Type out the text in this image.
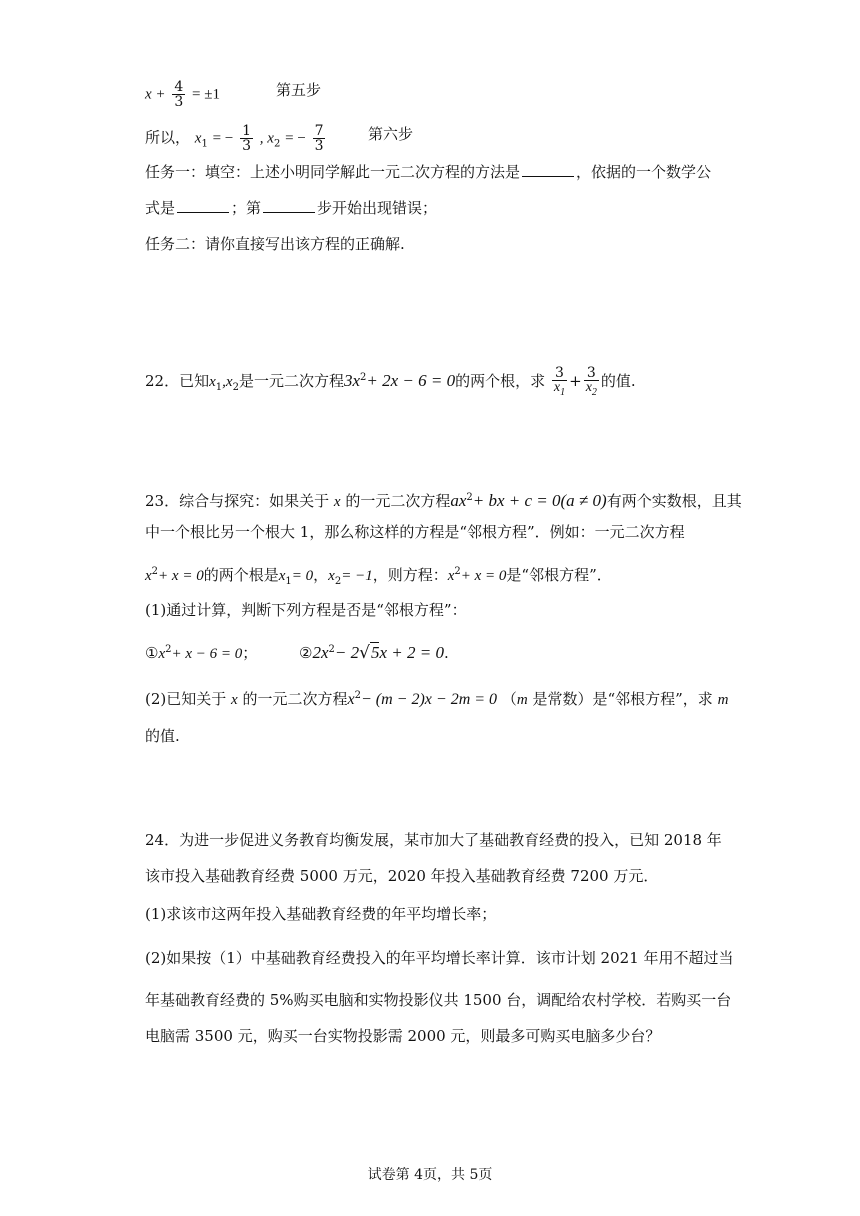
$x + \frac{4}{3} = \pm 1$	第五步
所以， $x_1$ = − $\frac{1}{3}$ , $x_2$ = − $\frac{7}{3}$	第六步
任务一：填空：上述小明同学解此一元二次方程的方法是	，依据的一个数学公
式是	；第	步开始出现错误；
任务二：请你直接写出该方程的正确解.
22．已知$x_1,x_2$是一元二次方程$3x^2+ 2x - 6 = 0$的两个根，求 $\frac{3}{x_1} + \frac{3}{x_2}$ 的值.
23．综合与探究：如果关于 x 的一元二次方程$ax^2+$ bx + c = 0(a ≠ 0)有两个实数根，且其
中一个根比另一个根大 1，那么称这样的方程是“邻根方程”．例如：一元二次方程
$x^2+ x = 0$的两个根是$x_1= 0$，$x_2= -1$，则方程：$x^2+ x = 0$是“邻根方程”．
(1)通过计算，判断下列方程是否是“邻根方程”：
$①x^2+ x - 6 = 0$；	$②2x^2- 2√5x + 2 = 0$.
(2)已知关于 x 的一元二次方程$x^2- (m - 2)x - 2m = 0$ （m 是常数）是“邻根方程”，求 m
的值.
24．为进一步促进义务教育均衡发展，某市加大了基础教育经费的投入，已知 2018 年
该市投入基础教育经费 5000 万元，2020 年投入基础教育经费 7200 万元．
(1)求该市这两年投入基础教育经费的年平均增长率；
(2)如果按（1）中基础教育经费投入的年平均增长率计算．该市计划 2021 年用不超过当
年基础教育经费的 5%购买电脑和实物投影仪共 1500 台，调配给农村学校．若购买一台
电脑需 3500 元，购买一台实物投影需 2000 元，则最多可购买电脑多少台？
试卷第 4页，共 5页
